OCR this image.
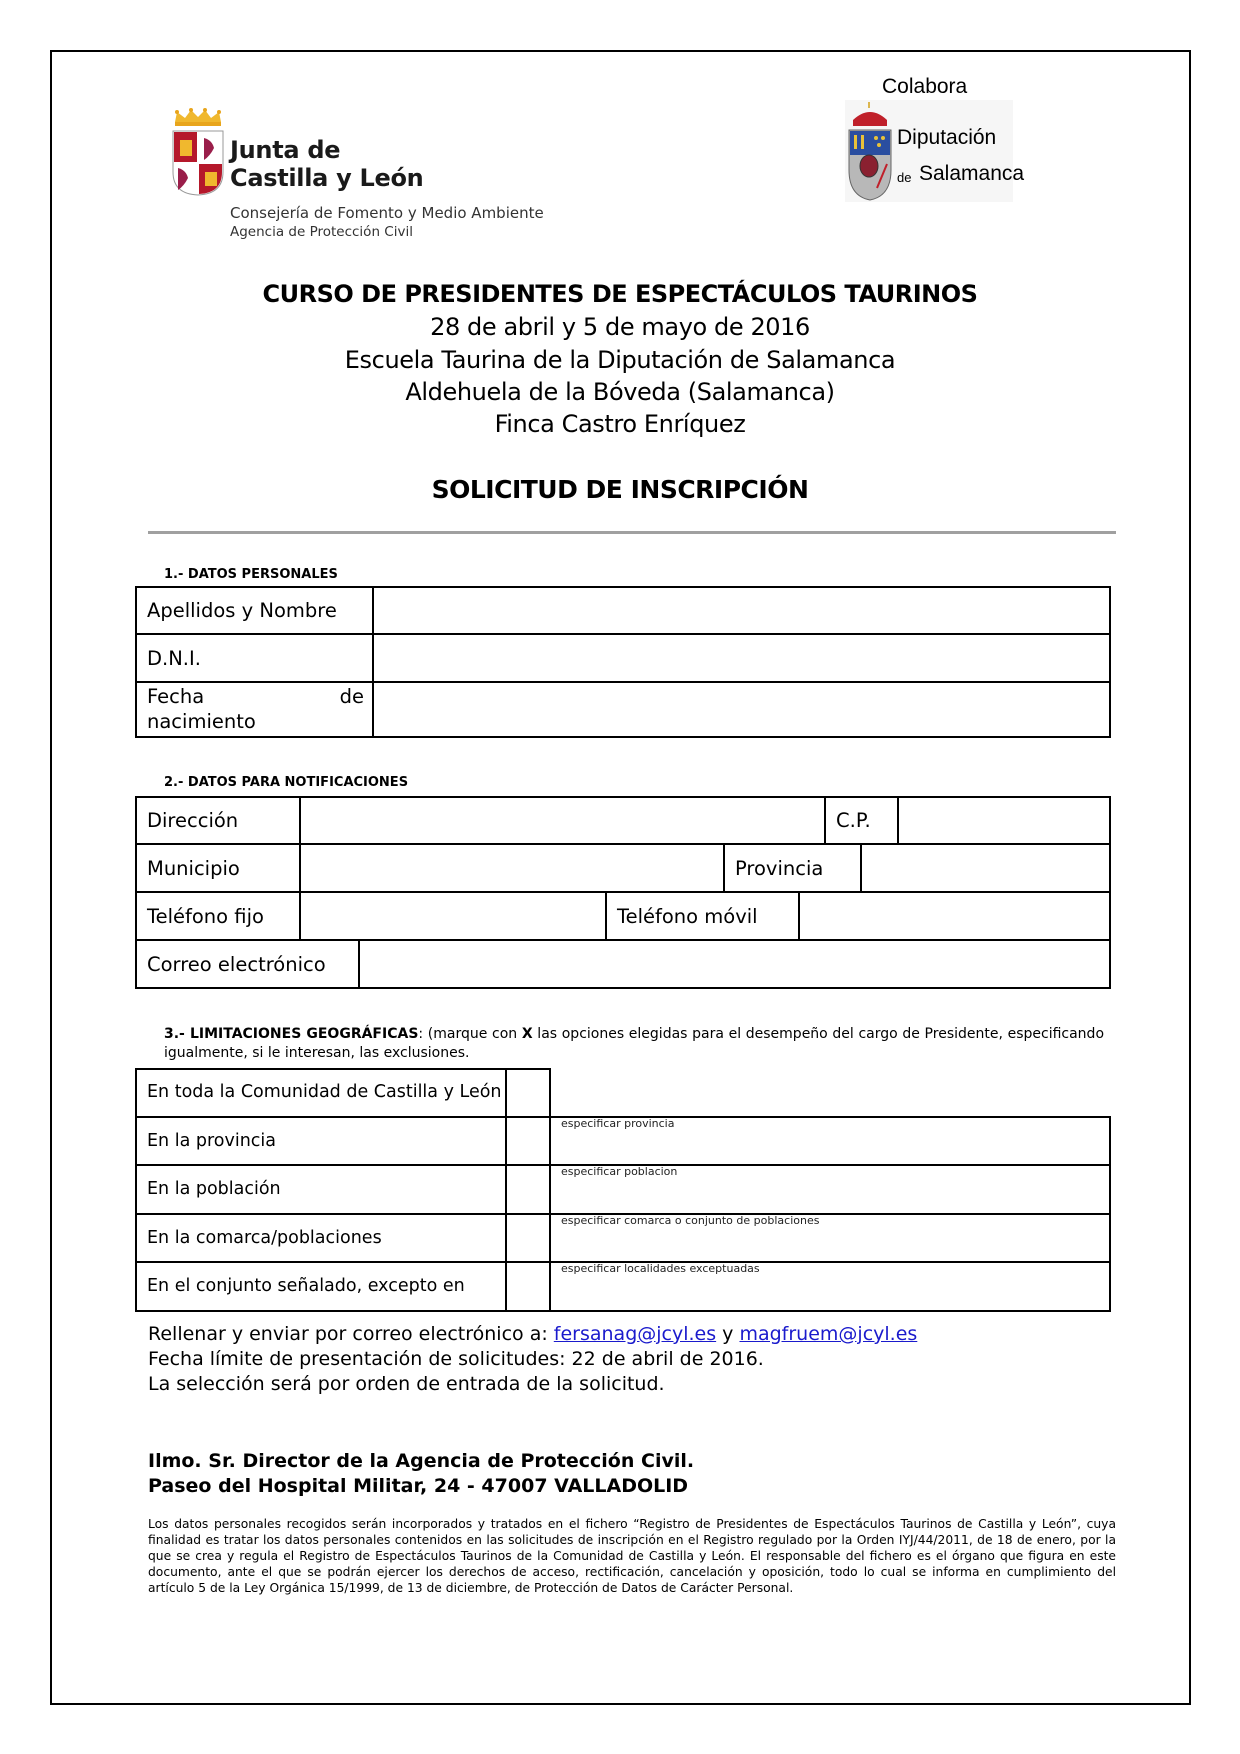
Junta de
Castilla y León
Consejería de Fomento y Medio Ambiente
Agencia de Protección Civil
Colabora
Diputación
de Salamanca
CURSO DE PRESIDENTES DE ESPECTÁCULOS TAURINOS
28 de abril y 5 de mayo de 2016
Escuela Taurina de la Diputación de Salamanca
Aldehuela de la Bóveda (Salamanca)
Finca Castro Enríquez
SOLICITUD DE INSCRIPCIÓN
1.- DATOS PERSONALES
Apellidos y Nombre
D.N.I.
Fecha	de
nacimiento
2.- DATOS PARA NOTIFICACIONES
Dirección	C.P.
Municipio	Provincia
Teléfono fijo	Teléfono móvil
Correo electrónico
3.- LIMITACIONES GEOGRÁFICAS: (marque con X las opciones elegidas para el desempeño del cargo de Presidente, especificando igualmente, si le interesan, las exclusiones.
En toda la Comunidad de Castilla y León
En la provincia
especificar provincia
En la población
especificar poblacion
En la comarca/poblaciones
especificar comarca o conjunto de poblaciones
En el conjunto señalado, excepto en
especificar localidades exceptuadas
Rellenar y enviar por correo electrónico a: fersanag@jcyl.es y magfruem@jcyl.es
Fecha límite de presentación de solicitudes: 22 de abril de 2016.
La selección será por orden de entrada de la solicitud.
Ilmo. Sr. Director de la Agencia de Protección Civil.
Paseo del Hospital Militar, 24 - 47007 VALLADOLID
Los datos personales recogidos serán incorporados y tratados en el fichero “Registro de Presidentes de Espectáculos Taurinos de Castilla y León”, cuya finalidad es tratar los datos personales contenidos en las solicitudes de inscripción en el Registro regulado por la Orden IYJ/44/2011, de 18 de enero, por la que se crea y regula el Registro de Espectáculos Taurinos de la Comunidad de Castilla y León. El responsable del fichero es el órgano que figura en este documento, ante el que se podrán ejercer los derechos de acceso, rectificación, cancelación y oposición, todo lo cual se informa en cumplimiento del artículo 5 de la Ley Orgánica 15/1999, de 13 de diciembre, de Protección de Datos de Carácter Personal.
